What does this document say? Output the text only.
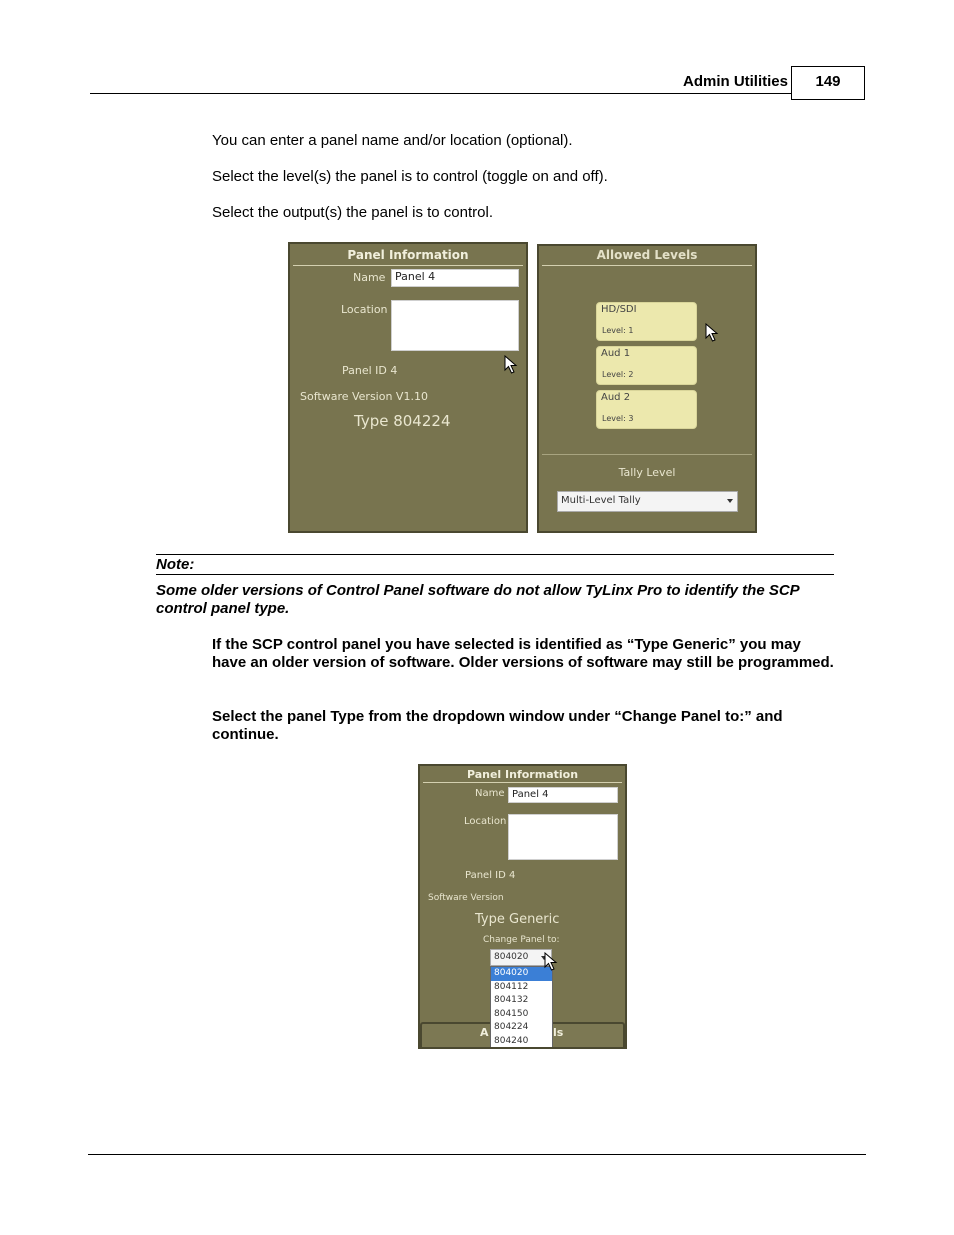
Admin Utilities	149
You can enter a panel name and/or location (optional).
Select the level(s) the panel is to control (toggle on and off).
Select the output(s) the panel is to control.
Panel Information
Name Panel 4
Location
Panel ID 4
Software Version V1.10
Type 804224
Allowed Levels
HD/SDI
Level: 1
Aud 1
Level: 2
Aud 2
Level: 3
Tally Level
Multi-Level Tally
Note:
Some older versions of Control Panel software do not allow TyLinx Pro to identify the SCP control panel type.
If the SCP control panel you have selected is identified as “Type Generic” you may have an older version of software. Older versions of software may still be programmed.
Select the panel Type from the dropdown window under “Change Panel to:” and continue.
Panel Information
Name Panel 4
Location
Panel ID 4
Software Version
Type Generic
Change Panel to:
804020
A	ls
804020
804112
804132
804150
804224
804240
